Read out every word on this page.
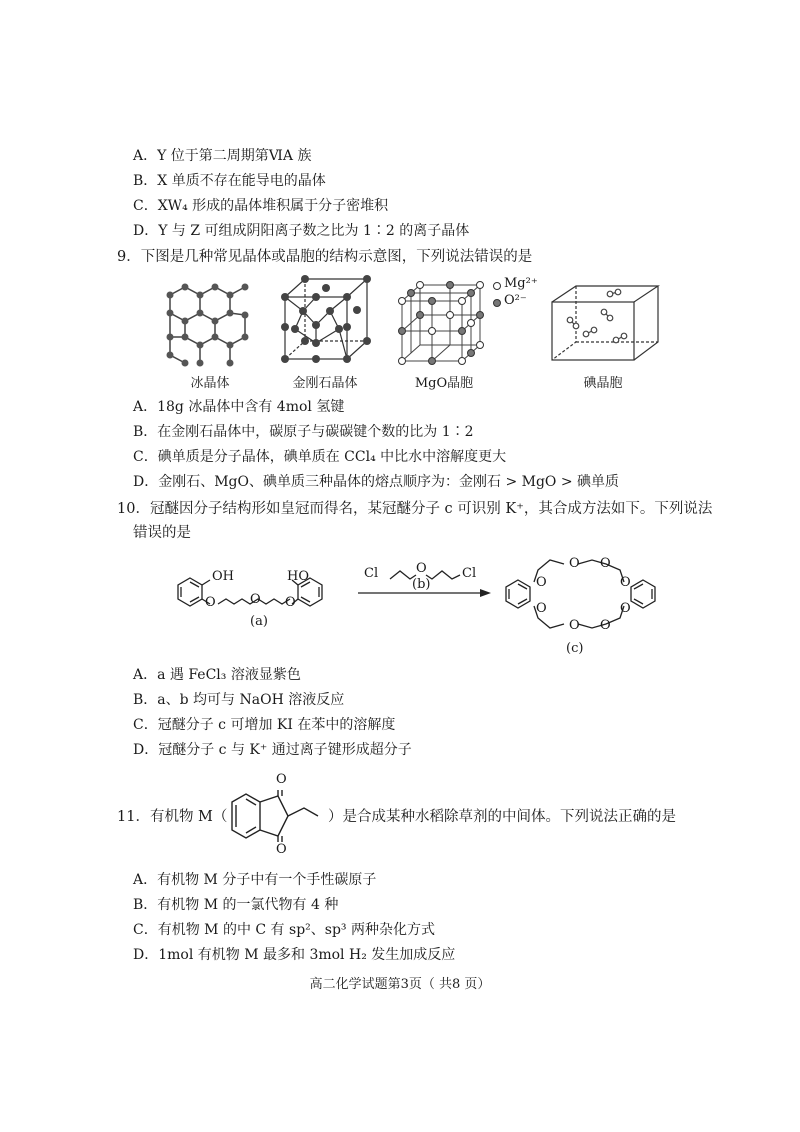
A．Y 位于第二周期第ⅥA 族
B．X 单质不存在能导电的晶体
C．XW₄ 形成的晶体堆积属于分子密堆积
D．Y 与 Z 可组成阴阳离子数之比为 1∶2 的离子晶体
9．下图是几种常见晶体或晶胞的结构示意图，下列说法错误的是
冰晶体	金刚石晶体
Mg²⁺
O²⁻
MgO晶胞	碘晶胞
A．18g 冰晶体中含有 4mol 氢键
B．在金刚石晶体中，碳原子与碳碳键个数的比为 1∶2
C．碘单质是分子晶体，碘单质在 CCl₄ 中比水中溶解度更大
D．金刚石、MgO、碘单质三种晶体的熔点顺序为：金刚石 > MgO > 碘单质
10．冠醚因分子结构形如皇冠而得名，某冠醚分子 c 可识别 K⁺，其合成方法如下。下列说法
错误的是
OH
O	O
HO
O
(a)
Cl	O	Cl
(b)	O
O O
O
O
O O
O
(c)
A．a 遇 FeCl₃ 溶液显紫色
B．a、b 均可与 NaOH 溶液反应
C．冠醚分子 c 可增加 KI 在苯中的溶解度
D．冠醚分子 c 与 K⁺ 通过离子键形成超分子
11．有机物 M（
O
O
）是合成某种水稻除草剂的中间体。下列说法正确的是
A．有机物 M 分子中有一个手性碳原子
B．有机物 M 的一氯代物有 4 种
C．有机物 M 的中 C 有 sp²、sp³ 两种杂化方式
D．1mol 有机物 M 最多和 3mol H₂ 发生加成反应
高二化学试题第3页（ 共8 页）
